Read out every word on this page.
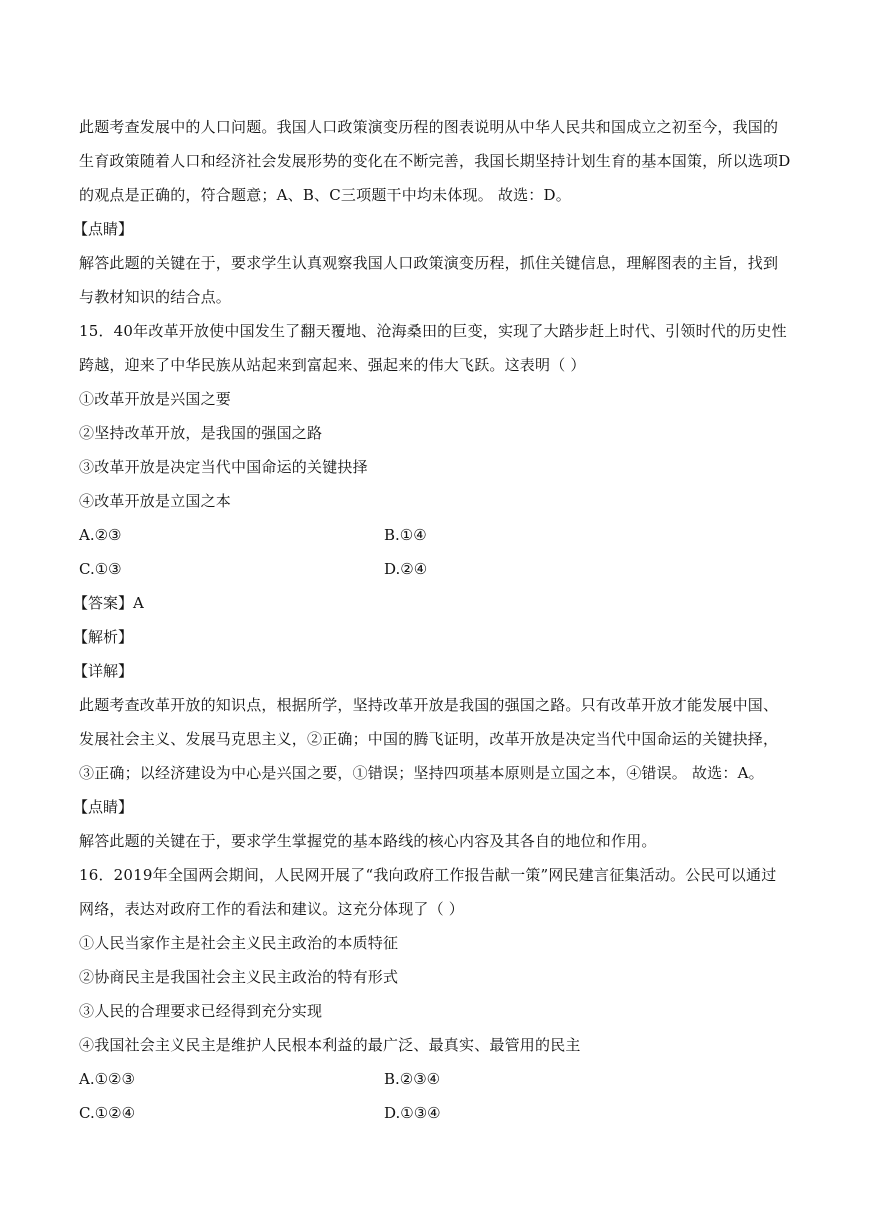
此题考查发展中的人口问题。我国人口政策演变历程的图表说明从中华人民共和国成立之初至今，我国的
生育政策随着人口和经济社会发展形势的变化在不断完善，我国长期坚持计划生育的基本国策，所以选项D
的观点是正确的，符合题意；A、B、C三项题干中均未体现。 故选：D。
【点睛】
解答此题的关键在于，要求学生认真观察我国人口政策演变历程，抓住关键信息，理解图表的主旨，找到
与教材知识的结合点。
15．40年改革开放使中国发生了翻天覆地、沧海桑田的巨变，实现了大踏步赶上时代、引领时代的历史性
跨越，迎来了中华民族从站起来到富起来、强起来的伟大飞跃。这表明（ ）
①改革开放是兴国之要
②坚持改革开放，是我国的强国之路
③改革开放是决定当代中国命运的关键抉择
④改革开放是立国之本
A.②③	B.①④
C.①③	D.②④
【答案】A
【解析】
【详解】
此题考查改革开放的知识点，根据所学，坚持改革开放是我国的强国之路。只有改革开放才能发展中国、
发展社会主义、发展马克思主义，②正确；中国的腾飞证明，改革开放是决定当代中国命运的关键抉择，
③正确；以经济建设为中心是兴国之要，①错误；坚持四项基本原则是立国之本，④错误。 故选：A。
【点睛】
解答此题的关键在于，要求学生掌握党的基本路线的核心内容及其各自的地位和作用。
16．2019年全国两会期间，人民网开展了“我向政府工作报告献一策”网民建言征集活动。公民可以通过
网络，表达对政府工作的看法和建议。这充分体现了（ ）
①人民当家作主是社会主义民主政治的本质特征
②协商民主是我国社会主义民主政治的特有形式
③人民的合理要求已经得到充分实现
④我国社会主义民主是维护人民根本利益的最广泛、最真实、最管用的民主
A.①②③	B.②③④
C.①②④	D.①③④
